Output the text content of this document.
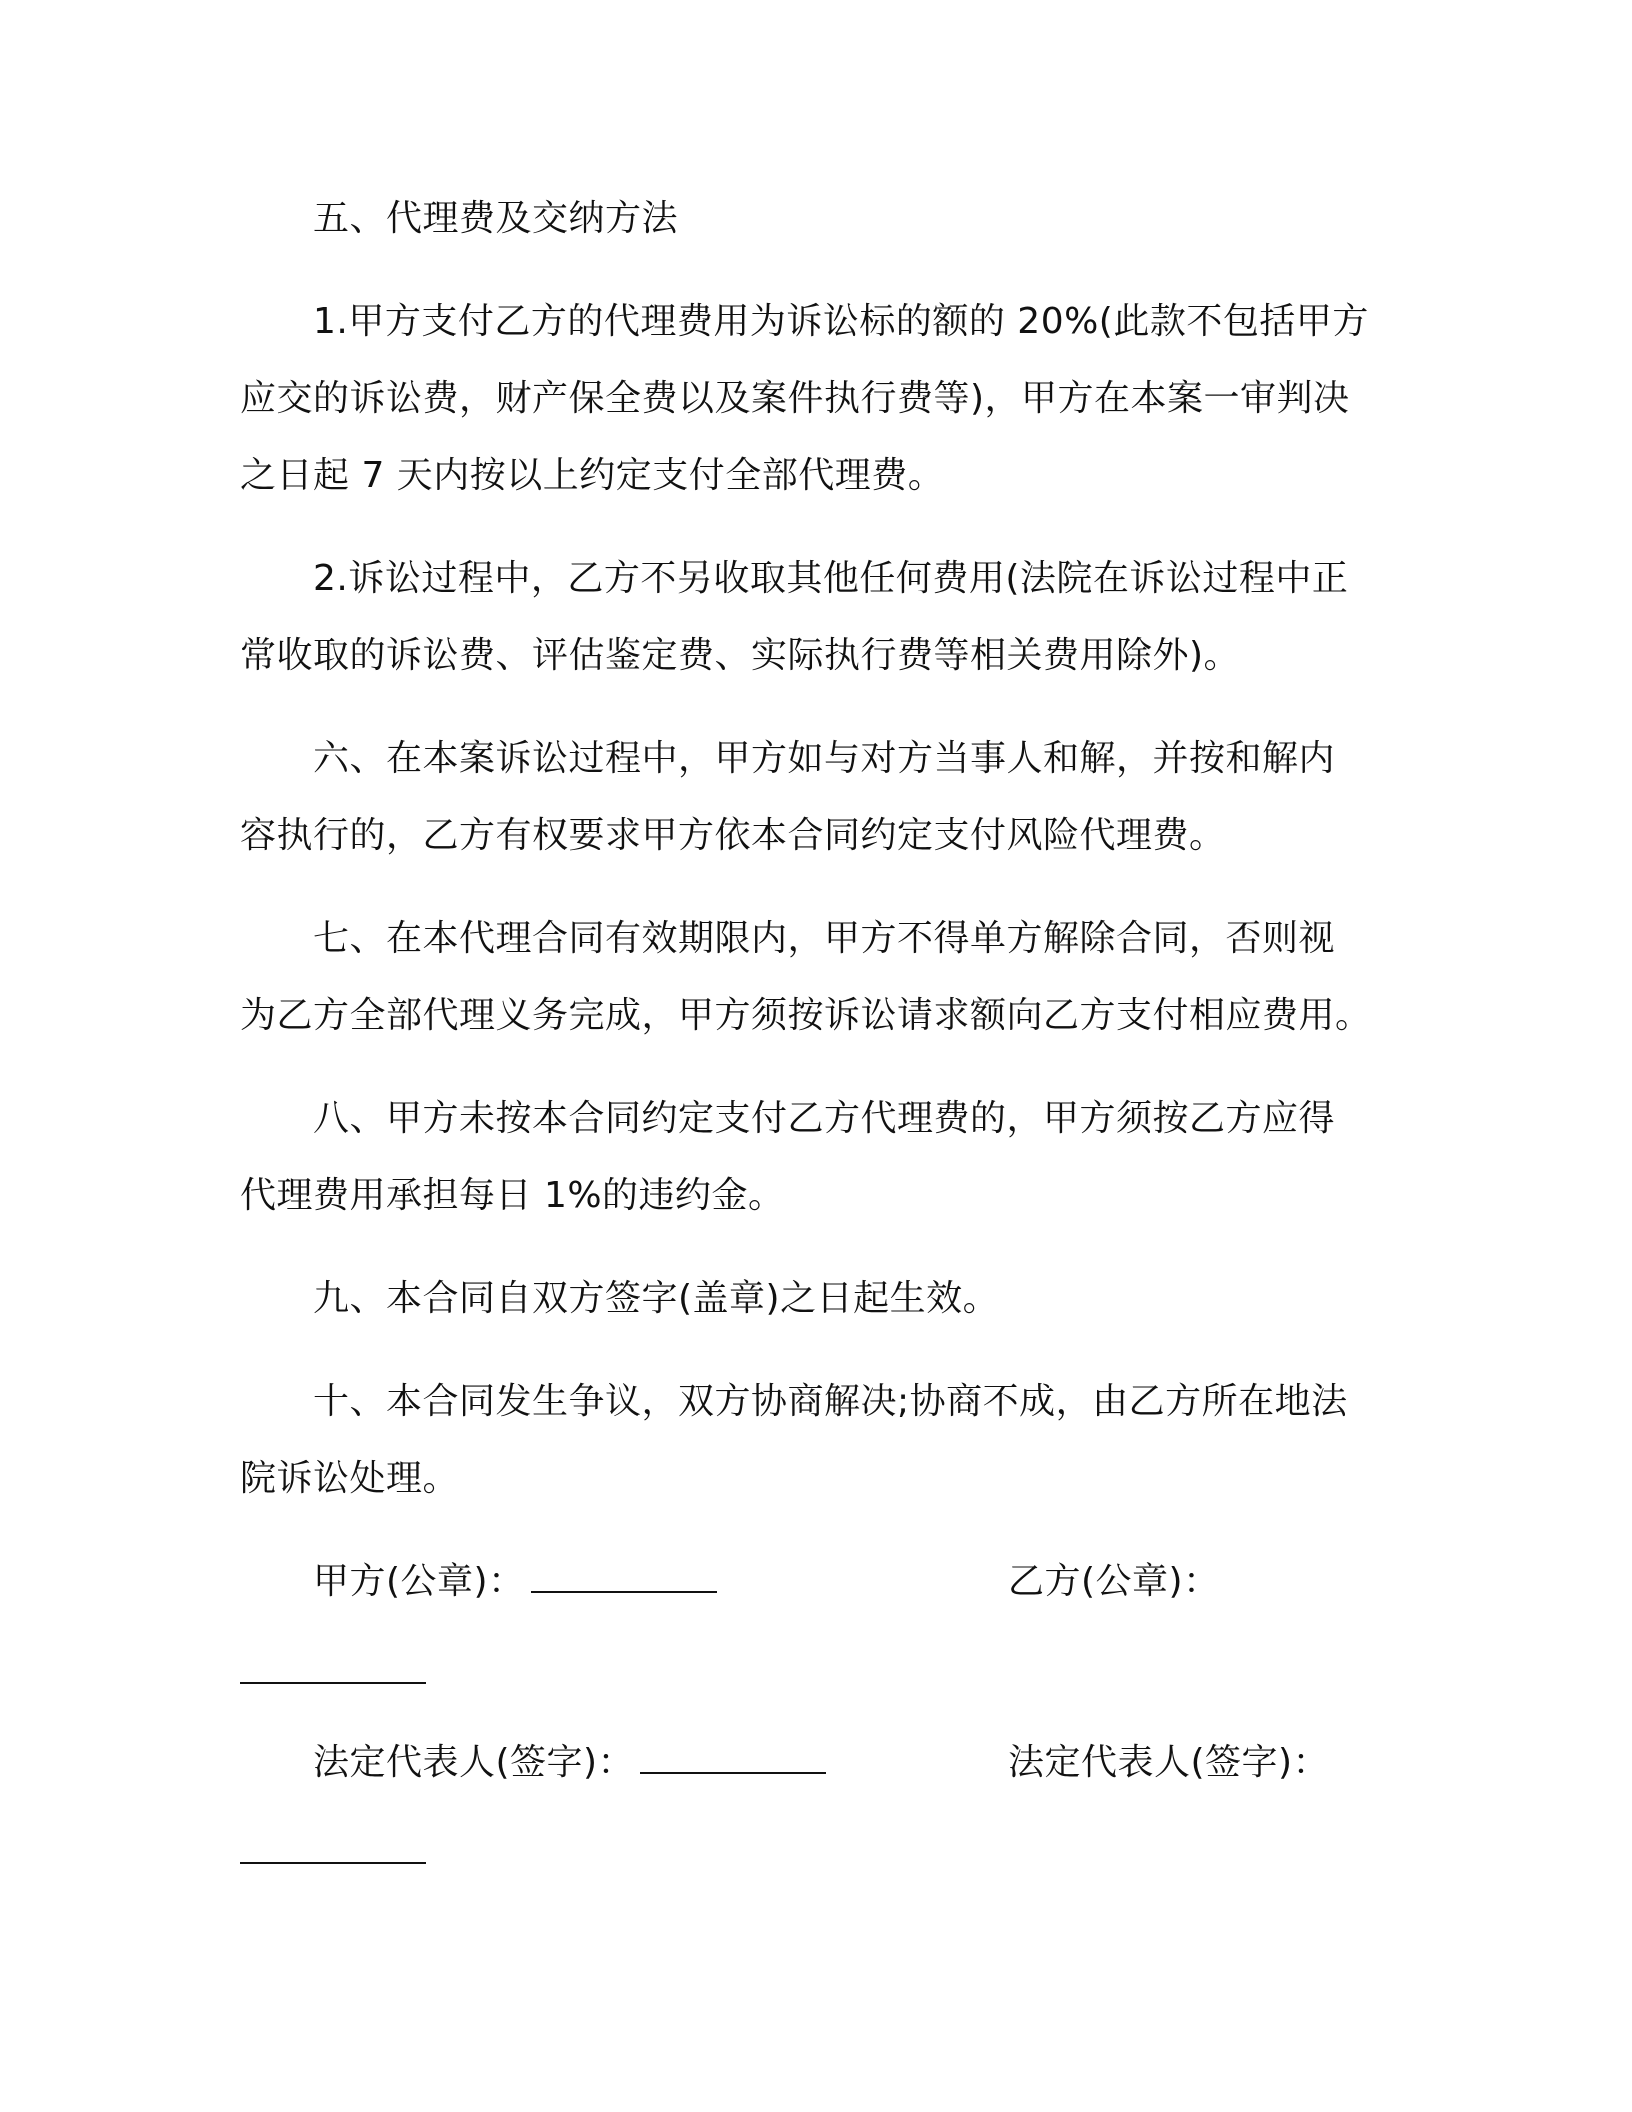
五、代理费及交纳方法
1.甲方支付乙方的代理费用为诉讼标的额的 20%(此款不包括甲方
应交的诉讼费，财产保全费以及案件执行费等)，甲方在本案一审判决
之日起 7 天内按以上约定支付全部代理费。
2.诉讼过程中，乙方不另收取其他任何费用(法院在诉讼过程中正
常收取的诉讼费、评估鉴定费、实际执行费等相关费用除外)。
六、在本案诉讼过程中，甲方如与对方当事人和解，并按和解内
容执行的，乙方有权要求甲方依本合同约定支付风险代理费。
七、在本代理合同有效期限内，甲方不得单方解除合同，否则视
为乙方全部代理义务完成，甲方须按诉讼请求额向乙方支付相应费用。
八、甲方未按本合同约定支付乙方代理费的，甲方须按乙方应得
代理费用承担每日 1%的违约金。
九、本合同自双方签字(盖章)之日起生效。
十、本合同发生争议，双方协商解决;协商不成，由乙方所在地法
院诉讼处理。
甲方(公章)：	乙方(公章)：
法定代表人(签字)：	法定代表人(签字)：
